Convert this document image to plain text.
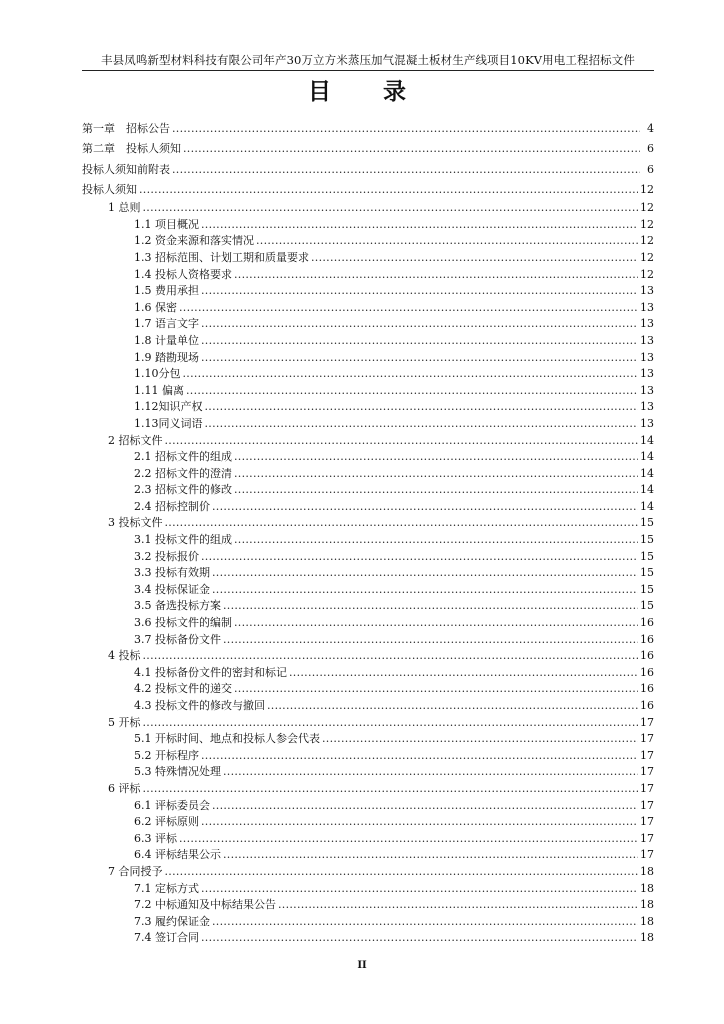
丰县凤鸣新型材料科技有限公司年产30万立方米蒸压加气混凝土板材生产线项目10KV用电工程招标文件
目 录
第一章　招标公告 . . .	4
第二章　投标人须知 . . .	6
投标人须知前附表 . . .	6
投标人须知 . . .	12
1 总则 . . .	12
1.1 项目概况 . . .	12
1.2 资金来源和落实情况 . . .	12
1.3 招标范围、计划工期和质量要求 . . .	12
1.4 投标人资格要求 . . .	12
1.5 费用承担 . . .	13
1.6 保密 . . .	13
1.7 语言文字 . . .	13
1.8 计量单位 . . .	13
1.9 踏勘现场 . . .	13
1.10分包 . . .	13
1.11 偏离 . . .	13
1.12知识产权 . . .	13
1.13同义词语 . . .	13
2 招标文件 . . .	14
2.1 招标文件的组成 . . .	14
2.2 招标文件的澄清 . . .	14
2.3 招标文件的修改 . . .	14
2.4 招标控制价 . . .	14
3 投标文件 . . .	15
3.1 投标文件的组成 . . .	15
3.2 投标报价 . . .	15
3.3 投标有效期 . . .	15
3.4 投标保证金 . . .	15
3.5 备选投标方案 . . .	15
3.6 投标文件的编制 . . .	16
3.7 投标备份文件 . . .	16
4 投标 . . .	16
4.1 投标备份文件的密封和标记 . . .	16
4.2 投标文件的递交 . . .	16
4.3 投标文件的修改与撤回 . . .	16
5 开标 . . .	17
5.1 开标时间、地点和投标人参会代表 . . .	17
5.2 开标程序 . . .	17
5.3 特殊情况处理 . . .	17
6 评标 . . .	17
6.1 评标委员会 . . .	17
6.2 评标原则 . . .	17
6.3 评标 . . .	17
6.4 评标结果公示 . . .	17
7 合同授予 . . .	18
7.1 定标方式 . . .	18
7.2 中标通知及中标结果公告 . . .	18
7.3 履约保证金 . . .	18
7.4 签订合同 . . .	18
II
